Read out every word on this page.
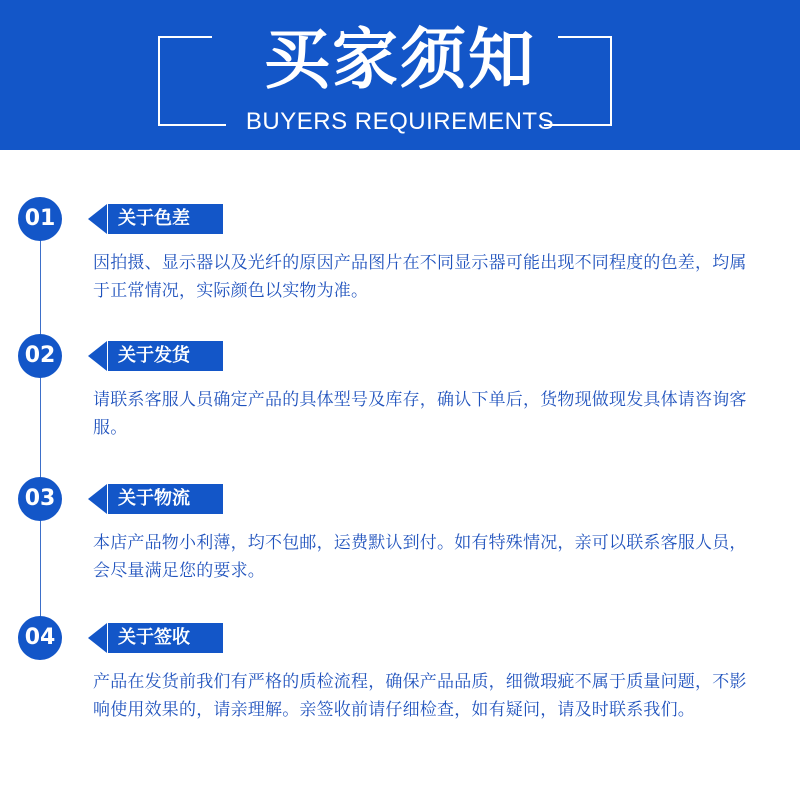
买家须知
BUYERS REQUIREMENTS
01	关于色差
因拍摄、显示器以及光纤的原因产品图片在不同显示器可能出现不同程度的色差，均属于正常情况，实际颜色以实物为准。
02	关于发货
请联系客服人员确定产品的具体型号及库存，确认下单后，货物现做现发具体请咨询客服。
03	关于物流
本店产品物小利薄，均不包邮，运费默认到付。如有特殊情况，亲可以联系客服人员，会尽量满足您的要求。
04	关于签收
产品在发货前我们有严格的质检流程，确保产品品质，细微瑕疵不属于质量问题，不影响使用效果的，请亲理解。亲签收前请仔细检查，如有疑问，请及时联系我们。
